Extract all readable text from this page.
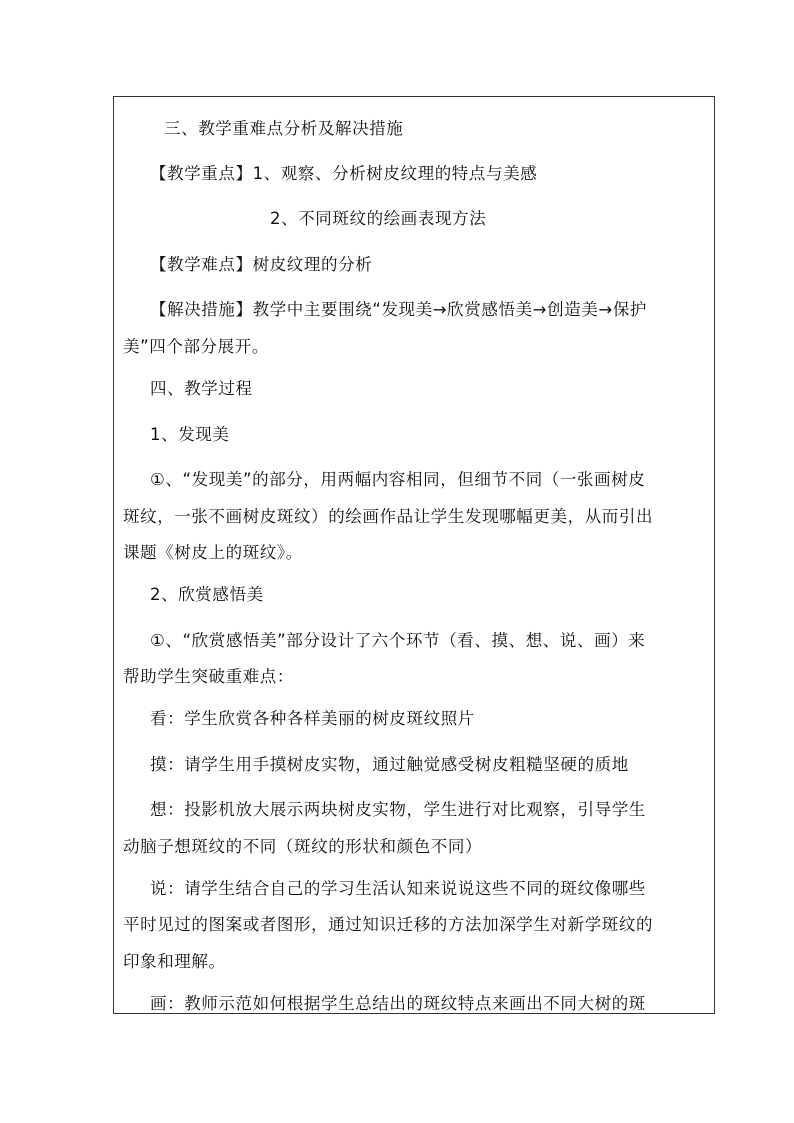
三、教学重难点分析及解决措施
【教学重点】1、观察、分析树皮纹理的特点与美感
2、不同斑纹的绘画表现方法
【教学难点】树皮纹理的分析
【解决措施】教学中主要围绕“发现美→欣赏感悟美→创造美→保护
美”四个部分展开。
四、教学过程
1、发现美
①、“发现美”的部分，用两幅内容相同，但细节不同（一张画树皮
斑纹，一张不画树皮斑纹）的绘画作品让学生发现哪幅更美，从而引出
课题《树皮上的斑纹》。
2、欣赏感悟美
①、“欣赏感悟美”部分设计了六个环节（看、摸、想、说、画）来
帮助学生突破重难点：
看：学生欣赏各种各样美丽的树皮斑纹照片
摸：请学生用手摸树皮实物，通过触觉感受树皮粗糙坚硬的质地
想：投影机放大展示两块树皮实物，学生进行对比观察，引导学生
动脑子想斑纹的不同（斑纹的形状和颜色不同）
说：请学生结合自己的学习生活认知来说说这些不同的斑纹像哪些
平时见过的图案或者图形，通过知识迁移的方法加深学生对新学斑纹的
印象和理解。
画：教师示范如何根据学生总结出的斑纹特点来画出不同大树的斑
